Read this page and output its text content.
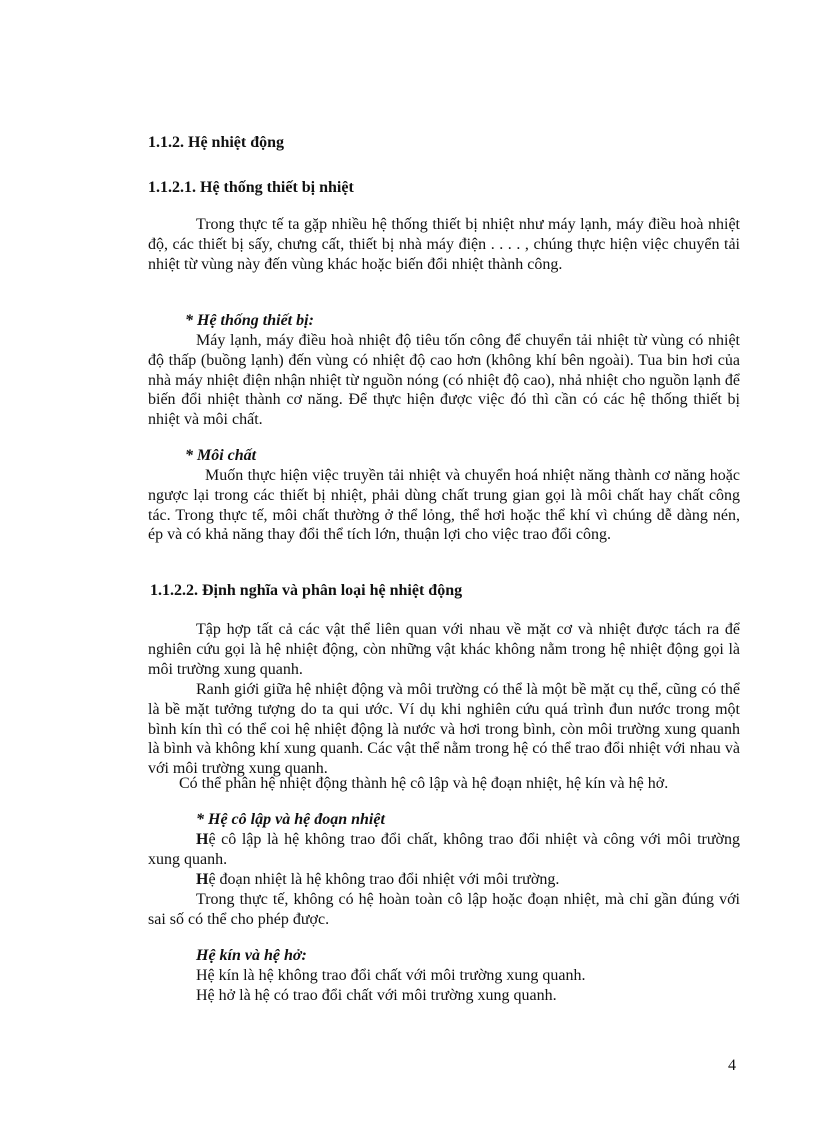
1.1.2. Hệ nhiệt động
1.1.2.1. Hệ thống thiết bị nhiệt

Trong thực tế ta gặp nhiều hệ thống thiết bị nhiệt như máy lạnh, máy điều hoà nhiệt độ, các thiết bị sấy, chưng cất, thiết bị nhà máy điện . . . . , chúng thực hiện việc chuyển tải nhiệt từ vùng này đến vùng khác hoặc biến đổi nhiệt thành công.

* Hệ thống thiết bị:

Máy lạnh, máy điều hoà nhiệt độ tiêu tốn công để chuyển tải nhiệt từ vùng có nhiệt độ thấp (buồng lạnh) đến vùng có nhiệt độ cao hơn (không khí bên ngoài). Tua bin hơi của nhà máy nhiệt điện nhận nhiệt từ nguồn nóng (có nhiệt độ cao), nhả nhiệt cho nguồn lạnh để biến đổi nhiệt thành cơ năng. Để thực hiện được việc đó thì cần có các hệ thống thiết bị nhiệt và môi chất.

* Môi chất

Muốn thực hiện việc truyền tải nhiệt và chuyển hoá nhiệt năng thành cơ năng hoặc ngược lại trong các thiết bị nhiệt, phải dùng chất trung gian gọi là môi chất hay chất công tác. Trong thực tế, môi chất thường ở thể lỏng, thể hơi hoặc thể khí vì chúng dễ dàng nén, ép và có khả năng thay đổi thể tích lớn, thuận lợi cho việc trao đổi công.

1.1.2.2. Định nghĩa và phân loại hệ nhiệt động

Tập hợp tất cả các vật thể liên quan với nhau về mặt cơ và nhiệt được tách ra để nghiên cứu gọi là hệ nhiệt động, còn những vật khác không nằm trong hệ nhiệt động gọi là môi trường xung quanh.

Ranh giới giữa hệ nhiệt động và môi trường có thể là một bề mặt cụ thể, cũng có thể là bề mặt tưởng tượng do ta qui ước. Ví dụ khi nghiên cứu quá trình đun nước trong một bình kín thì có thể coi hệ nhiệt động là nước và hơi trong bình, còn môi trường xung quanh là bình và không khí xung quanh. Các vật thể nằm trong hệ có thể trao đổi nhiệt với nhau và với môi trường xung quanh.

Có thể phân hệ nhiệt động thành hệ cô lập và hệ đoạn nhiệt, hệ kín và hệ hở.
* Hệ cô lập và hệ đoạn nhiệt

Hệ cô lập là hệ không trao đổi chất, không trao đổi nhiệt và công với môi trường xung quanh.

Hệ đoạn nhiệt là hệ không trao đổi nhiệt với môi trường.

Trong thực tế, không có hệ hoàn toàn cô lập hoặc đoạn nhiệt, mà chỉ gần đúng với sai số có thể cho phép được.

Hệ kín và hệ hở:
Hệ kín là hệ không trao đổi chất với môi trường xung quanh.
Hệ hở là hệ có trao đổi chất với môi trường xung quanh.
4
